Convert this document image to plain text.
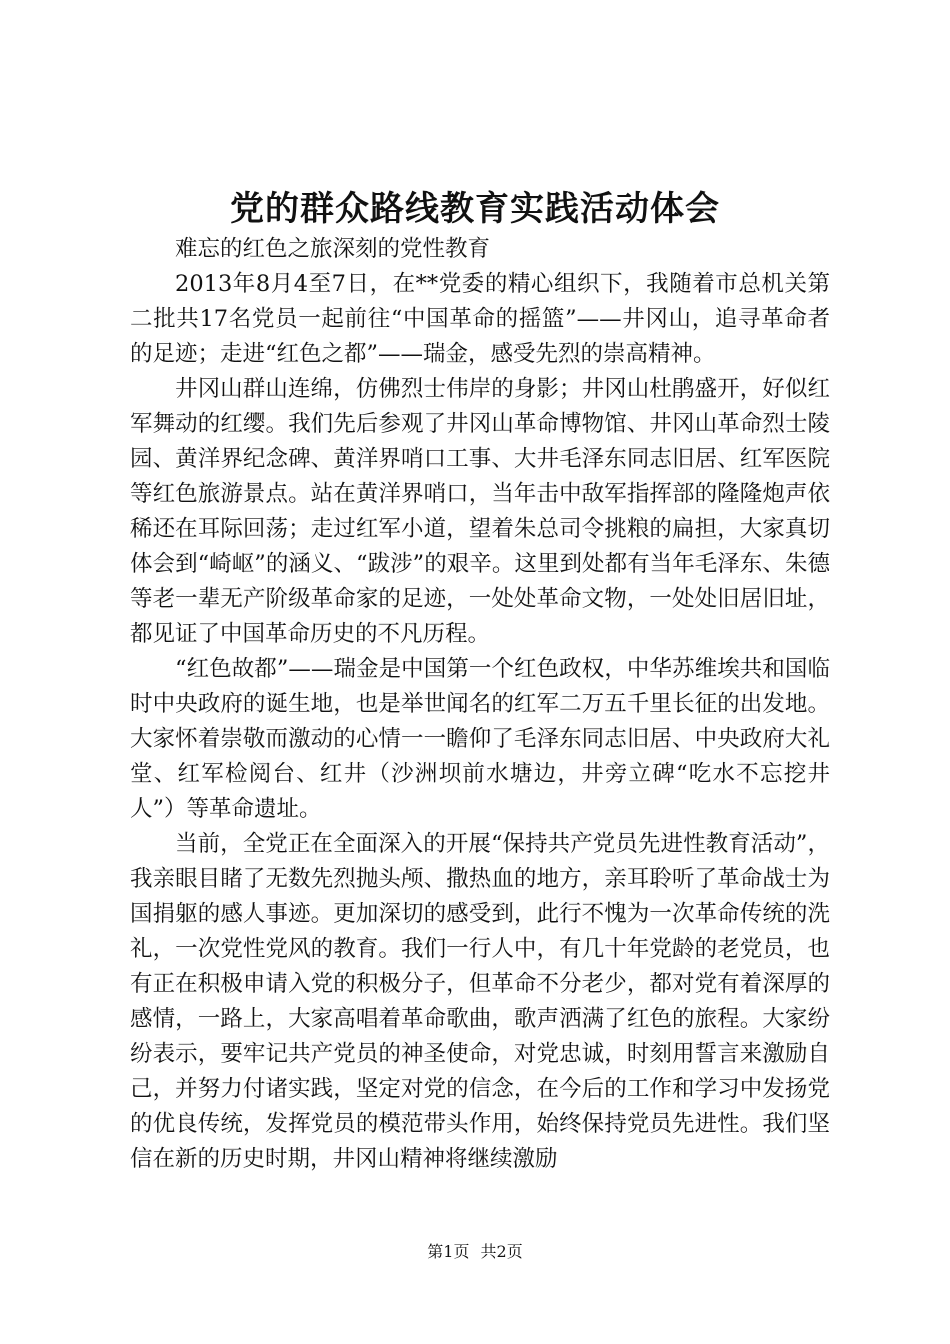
党的群众路线教育实践活动体会

难忘的红色之旅深刻的党性教育

2013年8月4至7日，在**党委的精心组织下，我随着市总机关第二批共17名党员一起前往“中国革命的摇篮”——井冈山，追寻革命者的足迹；走进“红色之都”——瑞金，感受先烈的崇高精神。

井冈山群山连绵，仿佛烈士伟岸的身影；井冈山杜鹃盛开，好似红军舞动的红缨。我们先后参观了井冈山革命博物馆、井冈山革命烈士陵园、黄洋界纪念碑、黄洋界哨口工事、大井毛泽东同志旧居、红军医院等红色旅游景点。站在黄洋界哨口，当年击中敌军指挥部的隆隆炮声依稀还在耳际回荡；走过红军小道，望着朱总司令挑粮的扁担，大家真切体会到“崎岖”的涵义、“跋涉”的艰辛。这里到处都有当年毛泽东、朱德等老一辈无产阶级革命家的足迹，一处处革命文物，一处处旧居旧址，都见证了中国革命历史的不凡历程。

“红色故都”——瑞金是中国第一个红色政权，中华苏维埃共和国临时中央政府的诞生地，也是举世闻名的红军二万五千里长征的出发地。大家怀着崇敬而激动的心情一一瞻仰了毛泽东同志旧居、中央政府大礼堂、红军检阅台、红井（沙洲坝前水塘边，井旁立碑“吃水不忘挖井人”）等革命遗址。

当前，全党正在全面深入的开展“保持共产党员先进性教育活动”，我亲眼目睹了无数先烈抛头颅、撒热血的地方，亲耳聆听了革命战士为国捐躯的感人事迹。更加深切的感受到，此行不愧为一次革命传统的洗礼，一次党性党风的教育。我们一行人中，有几十年党龄的老党员，也有正在积极申请入党的积极分子，但革命不分老少，都对党有着深厚的感情，一路上，大家高唱着革命歌曲，歌声洒满了红色的旅程。大家纷纷表示，要牢记共产党员的神圣使命，对党忠诚，时刻用誓言来激励自己，并努力付诸实践，坚定对党的信念，在今后的工作和学习中发扬党的优良传统，发挥党员的模范带头作用，始终保持党员先进性。我们坚信在新的历史时期，井冈山精神将继续激励

第1页 共2页
